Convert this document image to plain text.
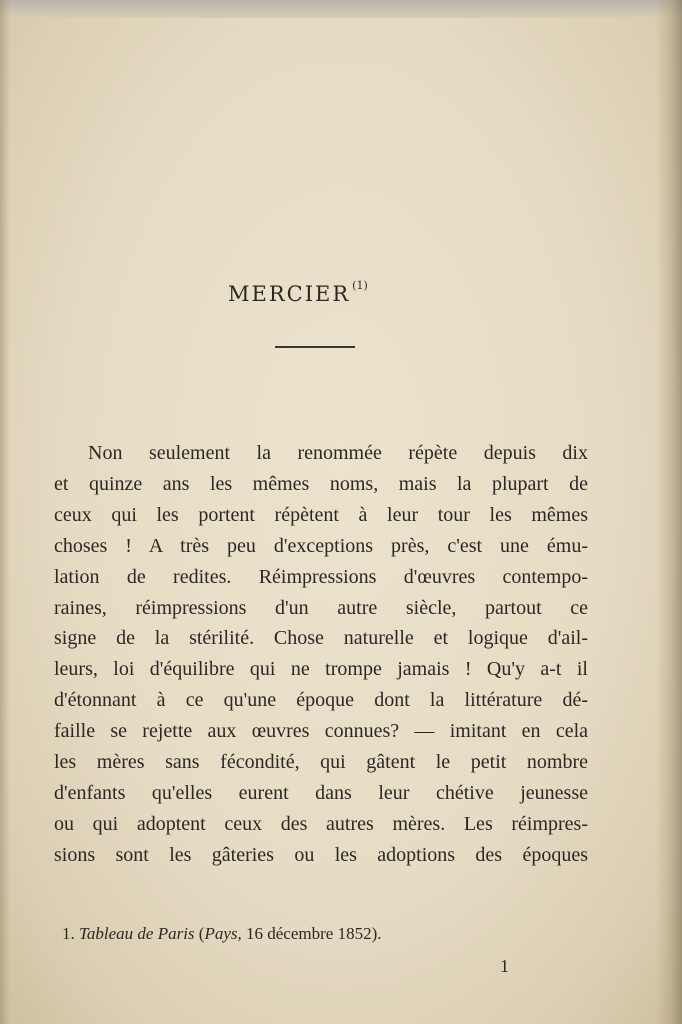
MERCIER $^{(1)}$
Non seulement la renommée répète depuis dix
et quinze ans les mêmes noms, mais la plupart de
ceux qui les portent répètent à leur tour les mêmes
choses ! A très peu d'exceptions près, c'est une ému-
lation de redites. Réimpressions d'œuvres contempo-
raines, réimpressions d'un autre siècle, partout ce
signe de la stérilité. Chose naturelle et logique d'ail-
leurs, loi d'équilibre qui ne trompe jamais ! Qu'y a-t il
d'étonnant à ce qu'une époque dont la littérature dé-
faille se rejette aux œuvres connues? — imitant en cela
les mères sans fécondité, qui gâtent le petit nombre
d'enfants qu'elles eurent dans leur chétive jeunesse
ou qui adoptent ceux des autres mères. Les réimpres-
sions sont les gâteries ou les adoptions des époques
1. Tableau de Paris (Pays, 16 décembre 1852).
1
